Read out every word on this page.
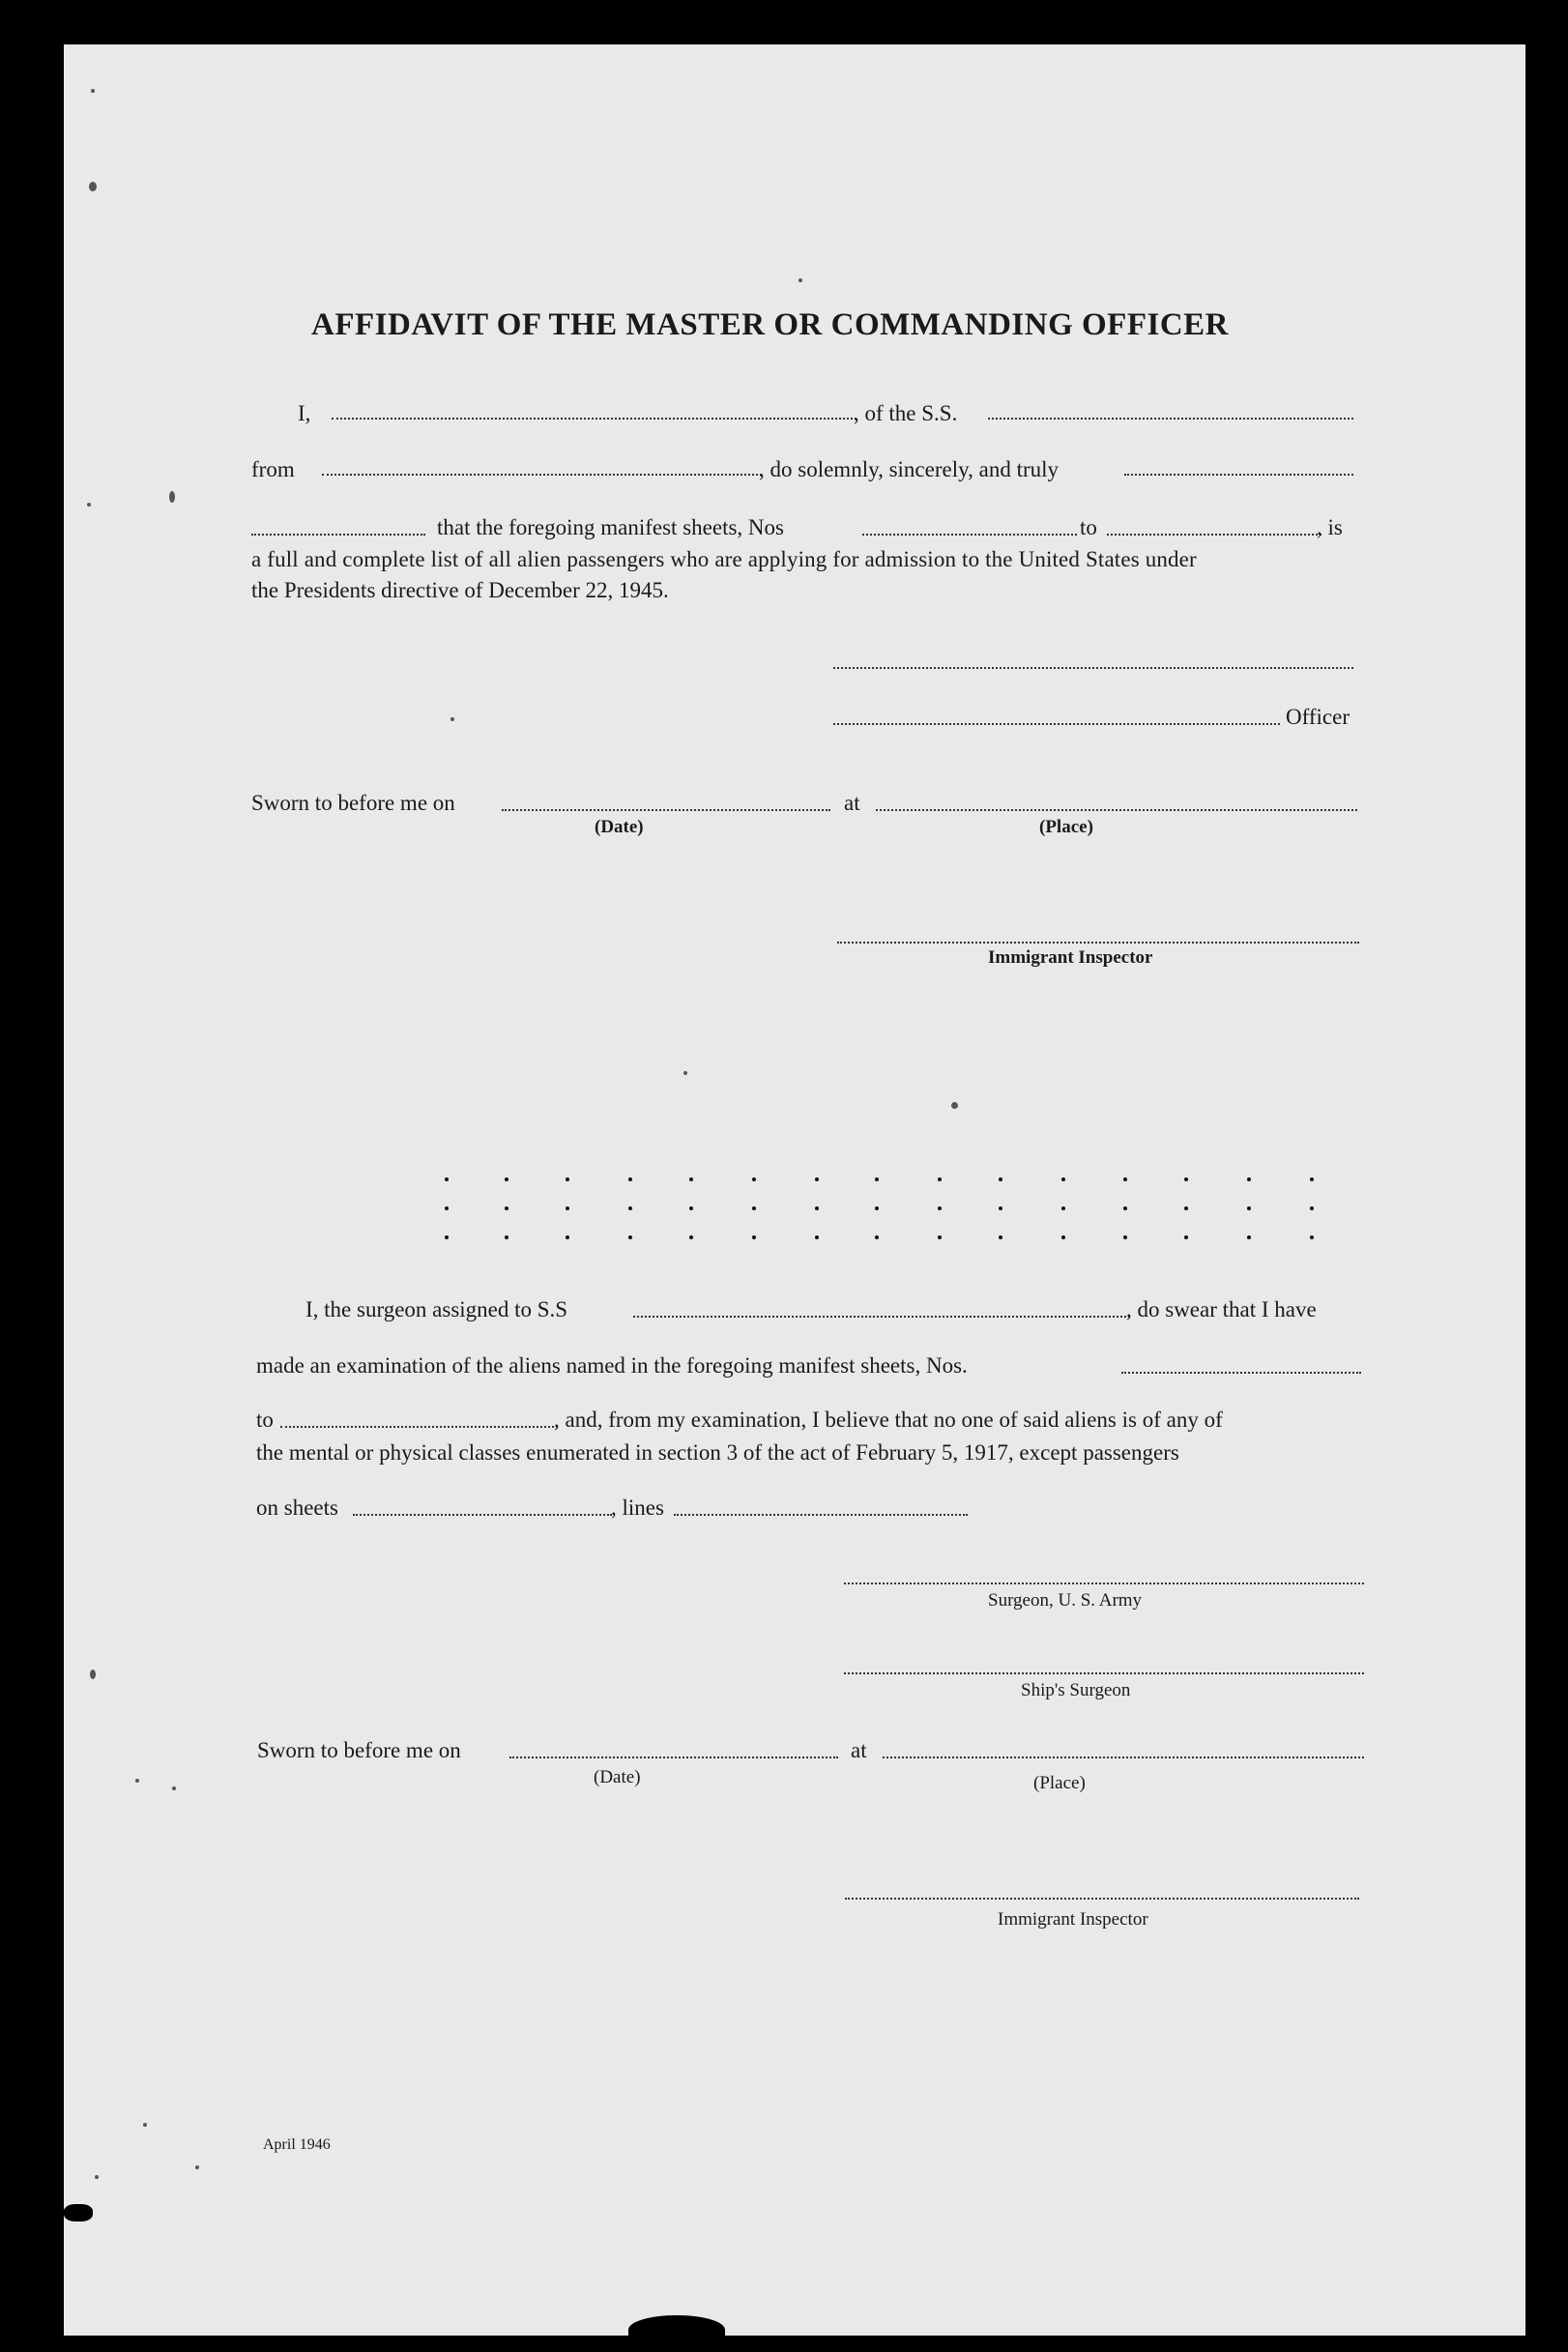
AFFIDAVIT OF THE MASTER OR COMMANDING OFFICER
I,	, of the S.S.
from	, do solemnly, sincerely, and truly
that the foregoing manifest sheets, Nos	to	, is
a full and complete list of all alien passengers who are applying for admission to the United States under
the Presidents directive of December 22, 1945.
Officer
Sworn to before me on	at
(Date)	(Place)
Immigrant Inspector
I, the surgeon assigned to S.S	, do swear that I have
made an examination of the aliens named in the foregoing manifest sheets, Nos.
to	, and, from my examination, I believe that no one of said aliens is of any of
the mental or physical classes enumerated in section 3 of the act of February 5, 1917, except passengers
on sheets	, lines
Surgeon, U. S. Army
Ship's Surgeon
Sworn to before me on	at
(Date)	(Place)
Immigrant Inspector
April 1946
